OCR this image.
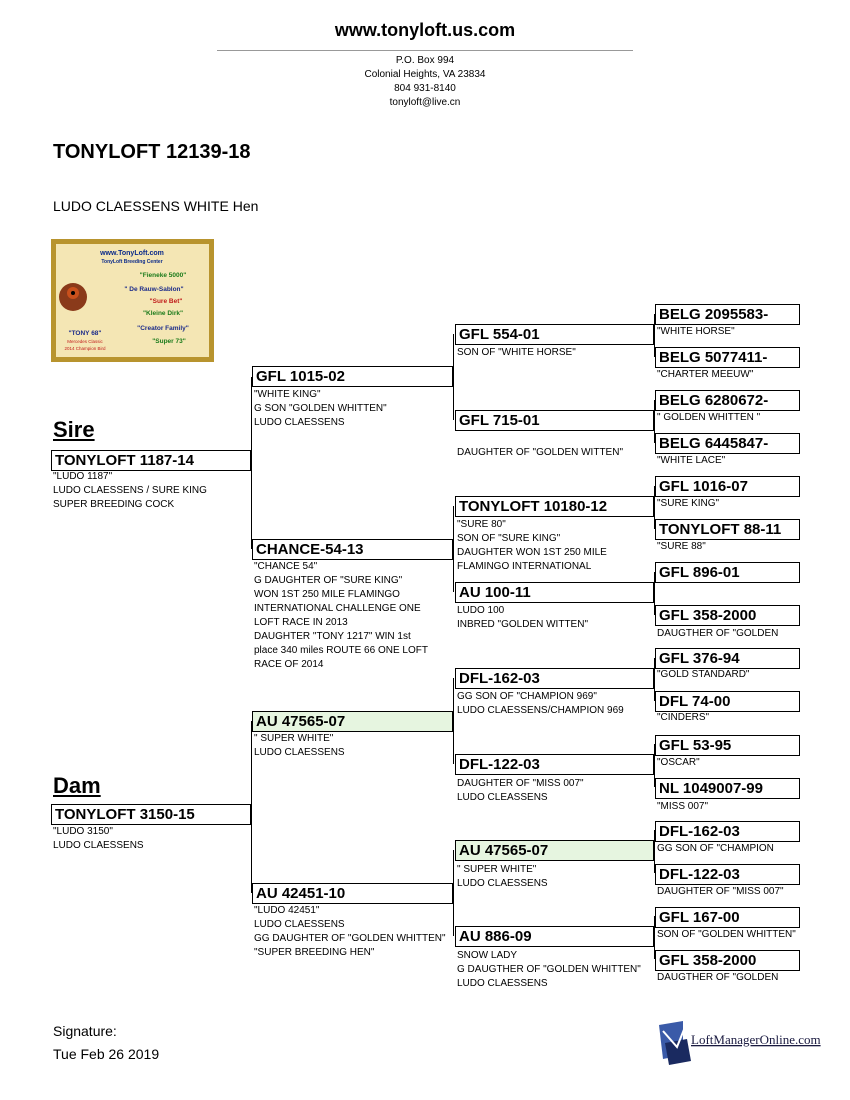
www.tonyloft.us.com
P.O. Box 994
Colonial Heights, VA 23834
804 931-8140
tonyloft@live.cn
TONYLOFT 12139-18
LUDO CLAESSENS WHITE Hen
www.TonyLoft.com
TonyLoft Breeding Center
"Fieneke 5000"
" De Rauw-Sablon"
"Sure Bet"
"Kleine Dirk"
"Creator Family"
"Super 73"
"TONY 68"
Mercedes Classic
2014 Champion Bird
Sire
Dam
TONYLOFT 1187-14
"LUDO 1187"
LUDO CLAESSENS / SURE KING
SUPER BREEDING COCK
TONYLOFT 3150-15
"LUDO 3150"
LUDO CLAESSENS
GFL 1015-02
"WHITE KING"
G SON "GOLDEN WHITTEN"
LUDO CLAESSENS
CHANCE-54-13
"CHANCE 54"
G DAUGHTER OF "SURE KING"
WON 1ST 250 MILE FLAMINGO
INTERNATIONAL CHALLENGE ONE
LOFT RACE IN 2013
DAUGHTER "TONY 1217" WIN 1st
place 340 miles ROUTE 66 ONE LOFT
RACE OF 2014
AU 47565-07
" SUPER WHITE"
LUDO CLAESSENS
AU 42451-10
"LUDO 42451"
LUDO CLAESSENS
GG DAUGHTER OF "GOLDEN WHITTEN"
"SUPER BREEDING HEN"
GFL 554-01
SON OF "WHITE HORSE"
GFL 715-01
DAUGHTER OF "GOLDEN WITTEN"
TONYLOFT 10180-12
"SURE 80"
SON OF "SURE KING"
DAUGHTER WON 1ST 250 MILE
FLAMINGO INTERNATIONAL
AU 100-11
LUDO 100
INBRED "GOLDEN WITTEN"
DFL-162-03
GG SON OF "CHAMPION 969"
LUDO CLAESSENS/CHAMPION 969
DFL-122-03
DAUGHTER OF "MISS 007"
LUDO CLEASSENS
AU 47565-07
" SUPER WHITE"
LUDO CLAESSENS
AU 886-09
SNOW LADY
G DAUGTHER OF "GOLDEN WHITTEN"
LUDO CLAESSENS
BELG 2095583-
"WHITE HORSE"
BELG 5077411-
"CHARTER MEEUW"
BELG 6280672-
" GOLDEN WHITTEN "
BELG 6445847-
"WHITE LACE"
GFL 1016-07
"SURE KING"
TONYLOFT 88-11
"SURE 88"
GFL 896-01
GFL 358-2000
DAUGTHER OF "GOLDEN
GFL 376-94
"GOLD STANDARD"
DFL 74-00
"CINDERS"
GFL 53-95
"OSCAR"
NL 1049007-99
"MISS 007"
DFL-162-03
GG SON OF "CHAMPION
DFL-122-03
DAUGHTER OF "MISS 007"
GFL 167-00
SON OF "GOLDEN WHITTEN"
GFL 358-2000
DAUGTHER OF "GOLDEN
Signature:
Tue Feb 26 2019
LoftManagerOnline.com
